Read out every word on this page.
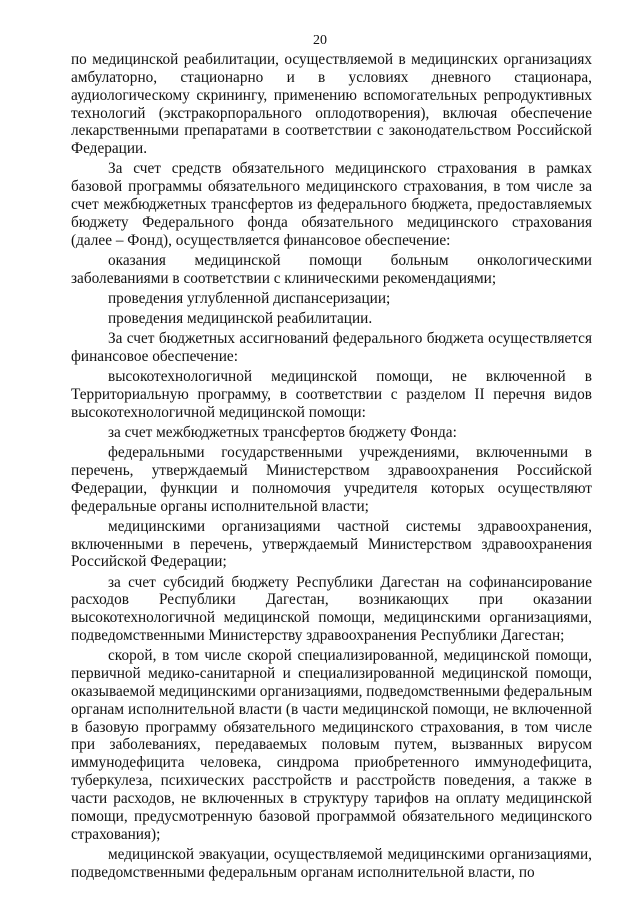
20
по медицинской реабилитации, осуществляемой в медицинских организациях
амбулаторно, стационарно и в условиях дневного стационара,
аудиологическому скринингу, применению вспомогательных репродуктивных
технологий (экстракорпорального оплодотворения), включая обеспечение
лекарственными препаратами в соответствии с законодательством Российской
Федерации.
За счет средств обязательного медицинского страхования в рамках
базовой программы обязательного медицинского страхования, в том числе за
счет межбюджетных трансфертов из федерального бюджета, предоставляемых
бюджету Федерального фонда обязательного медицинского страхования
(далее – Фонд), осуществляется финансовое обеспечение:
оказания медицинской помощи больным онкологическими
заболеваниями в соответствии с клиническими рекомендациями;
проведения углубленной диспансеризации;
проведения медицинской реабилитации.
За счет бюджетных ассигнований федерального бюджета осуществляется
финансовое обеспечение:
высокотехнологичной медицинской помощи, не включенной в
Территориальную программу, в соответствии с разделом II перечня видов
высокотехнологичной медицинской помощи:
за счет межбюджетных трансфертов бюджету Фонда:
федеральными государственными учреждениями, включенными в
перечень, утверждаемый Министерством здравоохранения Российской
Федерации, функции и полномочия учредителя которых осуществляют
федеральные органы исполнительной власти;
медицинскими организациями частной системы здравоохранения,
включенными в перечень, утверждаемый Министерством здравоохранения
Российской Федерации;
за счет субсидий бюджету Республики Дагестан на софинансирование
расходов Республики Дагестан, возникающих при оказании
высокотехнологичной медицинской помощи, медицинскими организациями,
подведомственными Министерству здравоохранения Республики Дагестан;
скорой, в том числе скорой специализированной, медицинской помощи,
первичной медико-санитарной и специализированной медицинской помощи,
оказываемой медицинскими организациями, подведомственными федеральным
органам исполнительной власти (в части медицинской помощи, не включенной
в базовую программу обязательного медицинского страхования, в том числе
при заболеваниях, передаваемых половым путем, вызванных вирусом
иммунодефицита человека, синдрома приобретенного иммунодефицита,
туберкулеза, психических расстройств и расстройств поведения, а также в
части расходов, не включенных в структуру тарифов на оплату медицинской
помощи, предусмотренную базовой программой обязательного медицинского
страхования);
медицинской эвакуации, осуществляемой медицинскими организациями,
подведомственными федеральным органам исполнительной власти, по
